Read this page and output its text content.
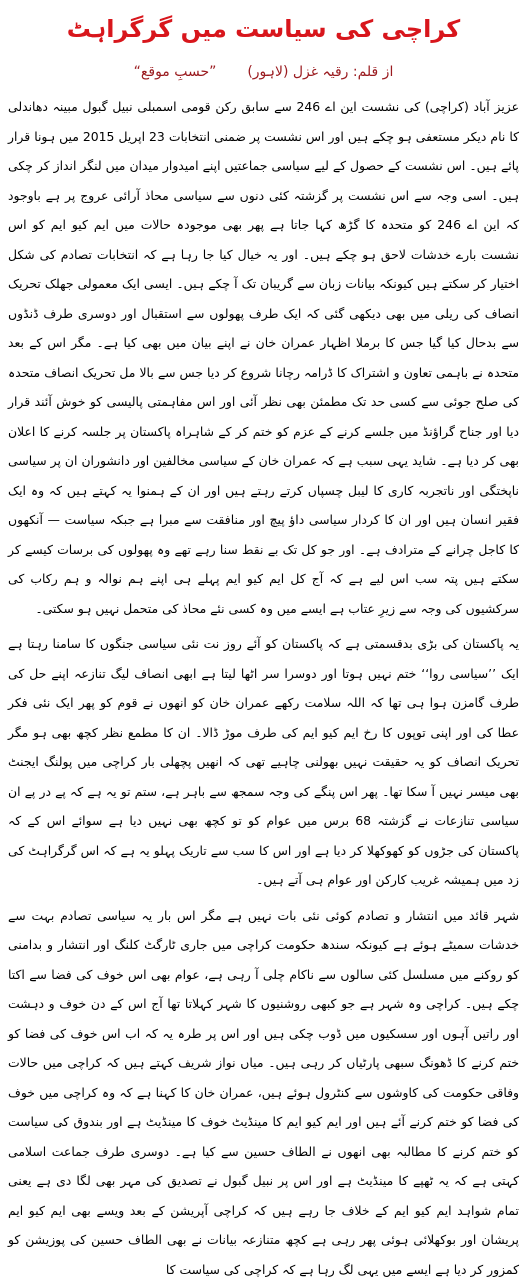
کراچی کی سیاست میں گرگراہٹ
از قلم: رقیہ غزل (لاہور)  ”حسبِ موقع“

عزیز آباد (کراچی) کی نشست این اے 246 سے سابق رکن قومی اسمبلی نبیل گبول مبینہ دھاندلی کا نام دیکر مستعفی ہو چکے ہیں اور اس نشست پر ضمنی انتخابات 23 اپریل 2015 میں ہونا قرار پائے ہیں۔ اس نشست کے حصول کے لیے سیاسی جماعتیں اپنے امیدوار میدان میں لنگر انداز کر چکی ہیں۔ اسی وجہ سے اس نشست پر گزشتہ کئی دنوں سے سیاسی محاذ آرائی عروج پر ہے باوجود کہ این اے 246 کو متحدہ کا گڑھ کہا جاتا ہے پھر بھی موجودہ حالات میں ایم کیو ایم کو اس نشست بارے خدشات لاحق ہو چکے ہیں۔ اور یہ خیال کیا جا رہا ہے کہ انتخابات تصادم کی شکل اختیار کر سکتے ہیں کیونکہ بیانات زبان سے گریبان تک آ چکے ہیں۔ ایسی ایک معمولی جھلک تحریک انصاف کی ریلی میں بھی دیکھی گئی کہ ایک طرف پھولوں سے استقبال اور دوسری طرف ڈنڈوں سے بدحال کیا گیا جس کا برملا اظہار عمران خان نے اپنے بیان میں بھی کیا ہے۔ مگر اس کے بعد متحدہ نے باہمی تعاون و اشتراک کا ڈرامہ رچانا شروع کر دیا جس سے بالا مل تحریک انصاف متحدہ کی صلح جوئی سے کسی حد تک مطمئن بھی نظر آئی اور اس مفاہمتی پالیسی کو خوش آئند قرار دیا اور جناح گراؤنڈ میں جلسے کرنے کے عزم کو ختم کر کے شاہراہ پاکستان پر جلسہ کرنے کا اعلان بھی کر دیا ہے۔ شاید یہی سبب ہے کہ عمران خان کے سیاسی مخالفین اور دانشوران ان پر سیاسی ناپختگی اور ناتجربہ کاری کا لیبل چسپاں کرتے رہتے ہیں اور ان کے ہمنوا یہ کہتے ہیں کہ وہ ایک فقیر انسان ہیں اور ان کا کردار سیاسی داؤ پیچ اور منافقت سے مبرا ہے جبکہ سیاست — آنکھوں کا کاجل چرانے کے مترادف ہے۔ اور جو کل تک بے نقط سنا رہے تھے وہ پھولوں کی برسات کیسے کر سکتے ہیں پتہ سب اس لیے ہے کہ آج کل ایم کیو ایم پہلے ہی اپنے ہم نوالہ و ہم رکاب کی سرکشیوں کی وجہ سے زیرِ عتاب ہے ایسے میں وہ کسی نئے محاذ کی متحمل نہیں ہو سکتی۔

یہ پاکستان کی بڑی بدقسمتی ہے کہ پاکستان کو آئے روز نت نئی سیاسی جنگوں کا سامنا رہتا ہے ایک ’’سیاسی روا‘‘ ختم نہیں ہوتا اور دوسرا سر اٹھا لیتا ہے ابھی انصاف لیگ تنازعہ اپنے حل کی طرف گامزن ہوا ہی تھا کہ اللہ سلامت رکھے عمران خان کو انھوں نے قوم کو پھر ایک نئی فکر عطا کی اور اپنی توپوں کا رخ ایم کیو ایم کی طرف موڑ ڈالا۔ ان کا مطمع نظر کچھ بھی ہو مگر تحریک انصاف کو یہ حقیقت نہیں بھولنی چاہیے تھی کہ انھیں پچھلی بار کراچی میں پولنگ ایجنٹ بھی میسر نہیں آ سکا تھا۔ پھر اس پنگے کی وجہ سمجھ سے باہر ہے، ستم تو یہ ہے کہ پے در پے ان سیاسی تنازعات نے گزشتہ 68 برس میں عوام کو تو کچھ بھی نہیں دیا ہے سوائے اس کے کہ پاکستان کی جڑوں کو کھوکھلا کر دیا ہے اور اس کا سب سے تاریک پہلو یہ ہے کہ اس گرگراہٹ کی زد میں ہمیشہ غریب کارکن اور عوام ہی آتے ہیں۔

شہر قائد میں انتشار و تصادم کوئی نئی بات نہیں ہے مگر اس بار یہ سیاسی تصادم بہت سے خدشات سمیٹے ہوئے ہے کیونکہ سندھ حکومت کراچی میں جاری ٹارگٹ کلنگ اور انتشار و بدامنی کو روکنے میں مسلسل کئی سالوں سے ناکام چلی آ رہی ہے، عوام بھی اس خوف کی فضا سے اکتا چکے ہیں۔ کراچی وہ شہر ہے جو کبھی روشنیوں کا شہر کہلاتا تھا آج اس کے دن خوف و دہشت اور راتیں آہوں اور سسکیوں میں ڈوب چکی ہیں اور اس پر طرہ یہ کہ اب اس خوف کی فضا کو ختم کرنے کا ڈھونگ سبھی پارٹیاں کر رہی ہیں۔ میاں نواز شریف کہتے ہیں کہ کراچی میں حالات وفاقی حکومت کی کاوشوں سے کنٹرول ہوئے ہیں، عمران خان کا کہنا ہے کہ وہ کراچی میں خوف کی فضا کو ختم کرنے آئے ہیں اور ایم کیو ایم کا مینڈیٹ خوف کا مینڈیٹ ہے اور بندوق کی سیاست کو ختم کرنے کا مطالبہ بھی انھوں نے الطاف حسین سے کیا ہے۔ دوسری طرف جماعت اسلامی کہتی ہے کہ یہ ٹھپے کا مینڈیٹ ہے اور اس پر نبیل گبول نے تصدیق کی مہر بھی لگا دی ہے یعنی تمام شواہد ایم کیو ایم کے خلاف جا رہے ہیں کہ کراچی آپریشن کے بعد ویسے بھی ایم کیو ایم پریشان اور بوکھلائی ہوئی پھر رہی ہے کچھ متنازعہ بیانات نے بھی الطاف حسین کی پوزیشن کو کمزور کر دیا ہے ایسے میں یہی لگ رہا ہے کہ کراچی کی سیاست کا
